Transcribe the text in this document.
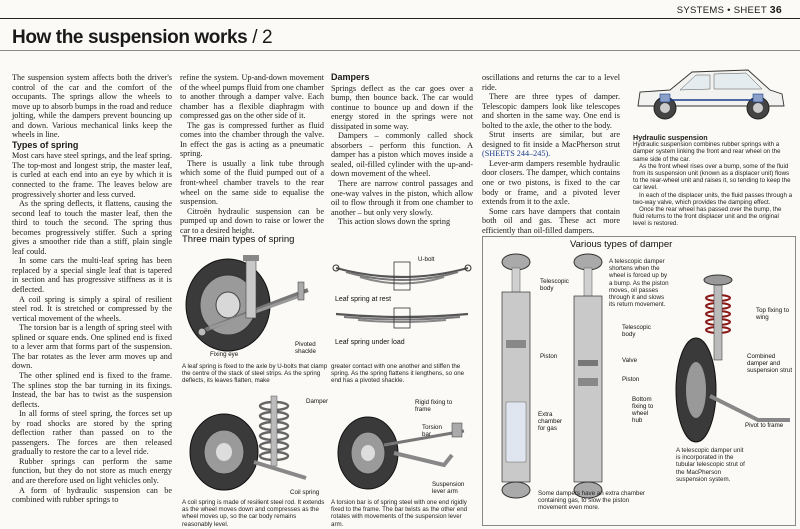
SYSTEMS • SHEET 36
How the suspension works / 2

The suspension system affects both the driver's control of the car and the comfort of the occupants. The springs allow the wheels to move up to absorb bumps in the road and reduce jolting, while the dampers prevent bouncing up and down. Various mechanical links keep the wheels in line.

Types of spring

Most cars have steel springs, and the leaf spring. The top-most and longest strip, the master leaf, is curled at each end into an eye by which it is connected to the frame. The leaves below are progressively shorter and less curved.

As the spring deflects, it flattens, causing the second leaf to touch the master leaf, then the third to touch the second. The spring thus becomes progressively stiffer. Such a spring gives a smoother ride than a stiff, plain single leaf could.

In some cars the multi-leaf spring has been replaced by a special single leaf that is tapered in section and has progressive stiffness as it is deflected.

A coil spring is simply a spiral of resilient steel rod. It is stretched or compressed by the vertical movement of the wheels.

The torsion bar is a length of spring steel with splined or square ends. One splined end is fixed to a lever arm that forms part of the suspension. The bar rotates as the lever arm moves up and down.

The other splined end is fixed to the frame. The splines stop the bar turning in its fixings. Instead, the bar has to twist as the suspension deflects.

In all forms of steel spring, the forces set up by road shocks are stored by the spring deflection rather than passed on to the passengers. The forces are then released gradually to restore the car to a level ride.

Rubber springs can perform the same function, but they do not store as much energy and are therefore used on light vehicles only.

A form of hydraulic suspension can be combined with rubber springs to

refine the system. Up-and-down movement of the wheel pumps fluid from one chamber to another through a damper valve. Each chamber has a flexible diaphragm with compressed gas on the other side of it.

The gas is compressed further as fluid comes into the chamber through the valve. In effect the gas is acting as a pneumatic spring.

There is usually a link tube through which some of the fluid pumped out of a front-wheel chamber travels to the rear wheel on the same side to equalise the suspension.

Citroën hydraulic suspension can be pumped up and down to raise or lower the car to a desired height.

Dampers

Springs deflect as the car goes over a bump, then bounce back. The car would continue to bounce up and down if the energy stored in the springs were not dissipated in some way.

Dampers – commonly called shock absorbers – perform this function. A damper has a piston which moves inside a sealed, oil-filled cylinder with the up-and-down movement of the wheel.

There are narrow control passages and one-way valves in the piston, which allow oil to flow through it from one chamber to another – but only very slowly.

This action slows down the spring

oscillations and returns the car to a level ride.

There are three types of damper. Telescopic dampers look like telescopes and shorten in the same way. One end is bolted to the axle, the other to the body.

Strut inserts are similar, but are designed to fit inside a MacPherson strut (SHEETS 244–245).

Lever-arm dampers resemble hydraulic door closers. The damper, which contains one or two pistons, is fixed to the car body or frame, and a pivoted lever extends from it to the axle.

Some cars have dampers that contain both oil and gas. These act more efficiently than oil-filled dampers.

Hydraulic suspension
Hydraulic suspension combines rubber springs with a damper system linking the front and rear wheel on the same side of the car.
As the front wheel rises over a bump, some of the fluid from its suspension unit (known as a displacer unit) flows to the rear-wheel unit and raises it, so tending to keep the car level.
In each of the displacer units, the fluid passes through a two-way valve, which provides the damping effect.
Once the rear wheel has passed over the bump, the fluid returns to the front displacer unit and the original level is restored.
Three main types of spring
Fixing eye
Pivoted shackle
A leaf spring is fixed to the axle by U-bolts that clamp the centre of the stack of steel strips. As the spring deflects, its leaves flatten, make
U-bolt
Leaf spring at rest
Leaf spring under load
greater contact with one another and stiffen the spring. As the spring flattens it lengthens, so one end has a pivoted shackle.
Damper
Coil spring
A coil spring is made of resilient steel rod. It extends as the wheel moves down and compresses as the wheel moves up, so the car body remains reasonably level.
Rigid fixing to frame
Torsion bar
Suspension lever arm
A torsion bar is of spring steel with one end rigidly fixed to the frame. The bar twists as the other end rotates with movements of the suspension lever arm.
Various types of damper
Telescopic body
Piston
Extra chamber for gas
Telescopic body
Valve
Piston
A telescopic damper shortens when the wheel is forced up by a bump. As the piston moves, oil passes through it and slows its return movement.
Some dampers have an extra chamber containing gas, to slow the piston movement even more.
Top fixing to wing
Combined damper and suspension strut
Bottom fixing to wheel hub
Pivot to frame
A telescopic damper unit is incorporated in the tubular telescopic strut of the MacPherson suspension system.
